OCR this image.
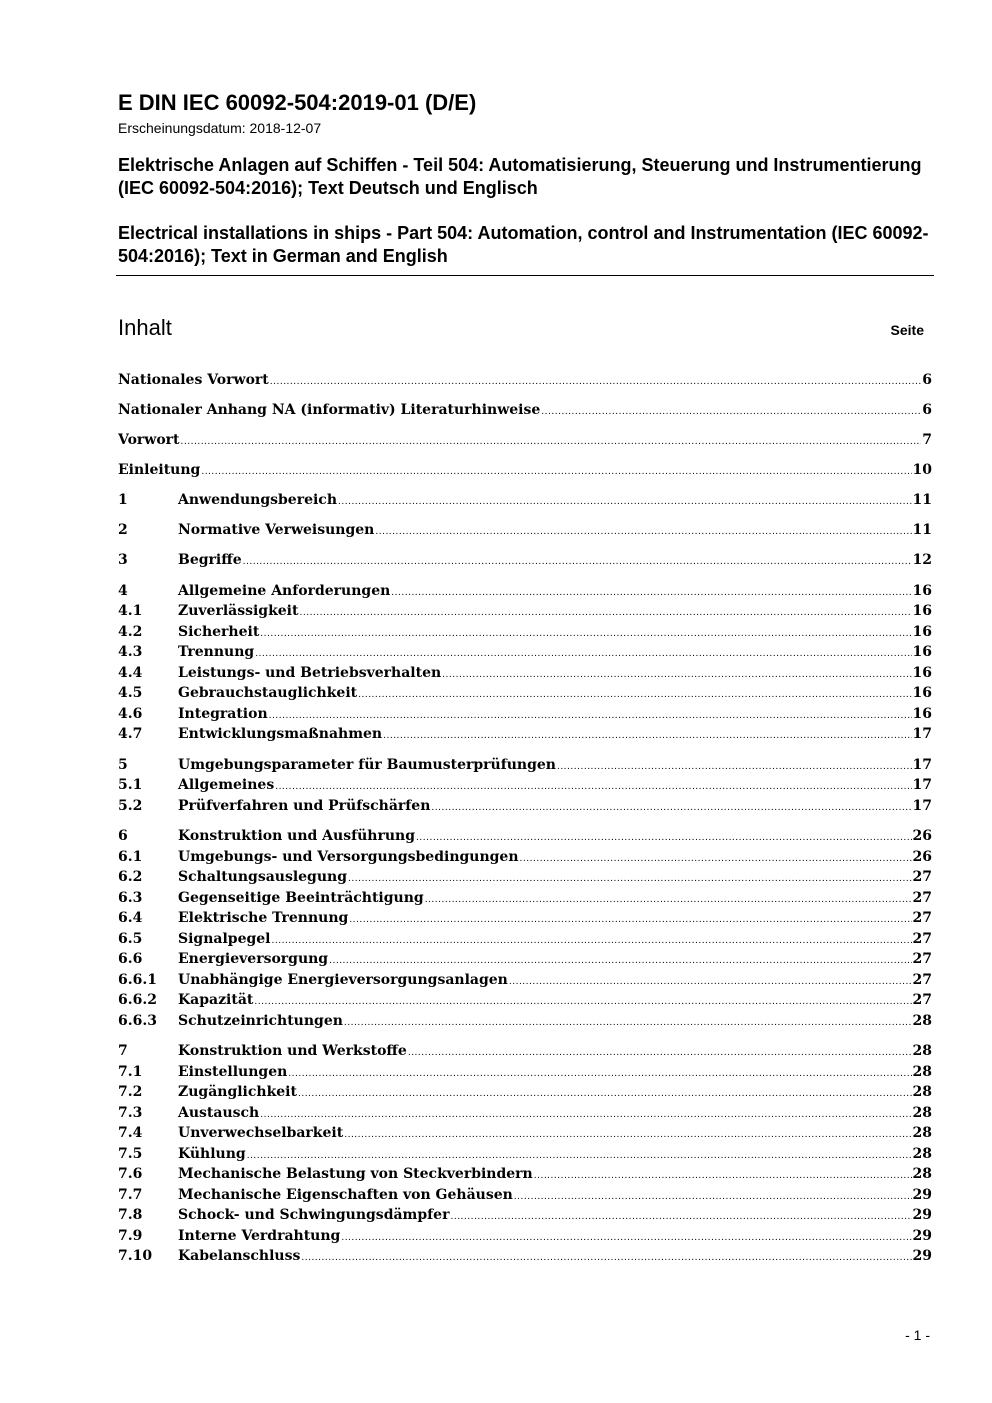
E DIN IEC 60092-504:2019-01 (D/E)

Erscheinungsdatum: 2018-12-07

Elektrische Anlagen auf Schiffen - Teil 504: Automatisierung, Steuerung und Instrumentierung (IEC 60092-504:2016); Text Deutsch und Englisch

Electrical installations in ships - Part 504: Automation, control and Instrumentation (IEC 60092-504:2016); Text in German and English

Inhalt	Seite
Nationales Vorwort .....	6
Nationaler Anhang NA (informativ) Literaturhinweise .....	6
Vorwort .....	7
Einleitung .....	10
1	Anwendungsbereich .....	11
2	Normative Verweisungen .....	11
3	Begriffe .....	12
4	Allgemeine Anforderungen .....	16
4.1	Zuverlässigkeit .....	16
4.2	Sicherheit .....	16
4.3	Trennung .....	16
4.4	Leistungs- und Betriebsverhalten .....	16
4.5	Gebrauchstauglichkeit .....	16
4.6	Integration .....	16
4.7	Entwicklungsmaßnahmen .....	17
5	Umgebungsparameter für Baumusterprüfungen .....	17
5.1	Allgemeines .....	17
5.2	Prüfverfahren und Prüfschärfen .....	17
6	Konstruktion und Ausführung .....	26
6.1	Umgebungs- und Versorgungsbedingungen .....	26
6.2	Schaltungsauslegung .....	27
6.3	Gegenseitige Beeinträchtigung .....	27
6.4	Elektrische Trennung .....	27
6.5	Signalpegel .....	27
6.6	Energieversorgung .....	27
6.6.1	Unabhängige Energieversorgungsanlagen .....	27
6.6.2	Kapazität .....	27
6.6.3	Schutzeinrichtungen .....	28
7	Konstruktion und Werkstoffe .....	28
7.1	Einstellungen .....	28
7.2	Zugänglichkeit .....	28
7.3	Austausch .....	28
7.4	Unverwechselbarkeit .....	28
7.5	Kühlung .....	28
7.6	Mechanische Belastung von Steckverbindern .....	28
7.7	Mechanische Eigenschaften von Gehäusen .....	29
7.8	Schock- und Schwingungsdämpfer .....	29
7.9	Interne Verdrahtung .....	29
7.10	Kabelanschluss .....	29
- 1 -
